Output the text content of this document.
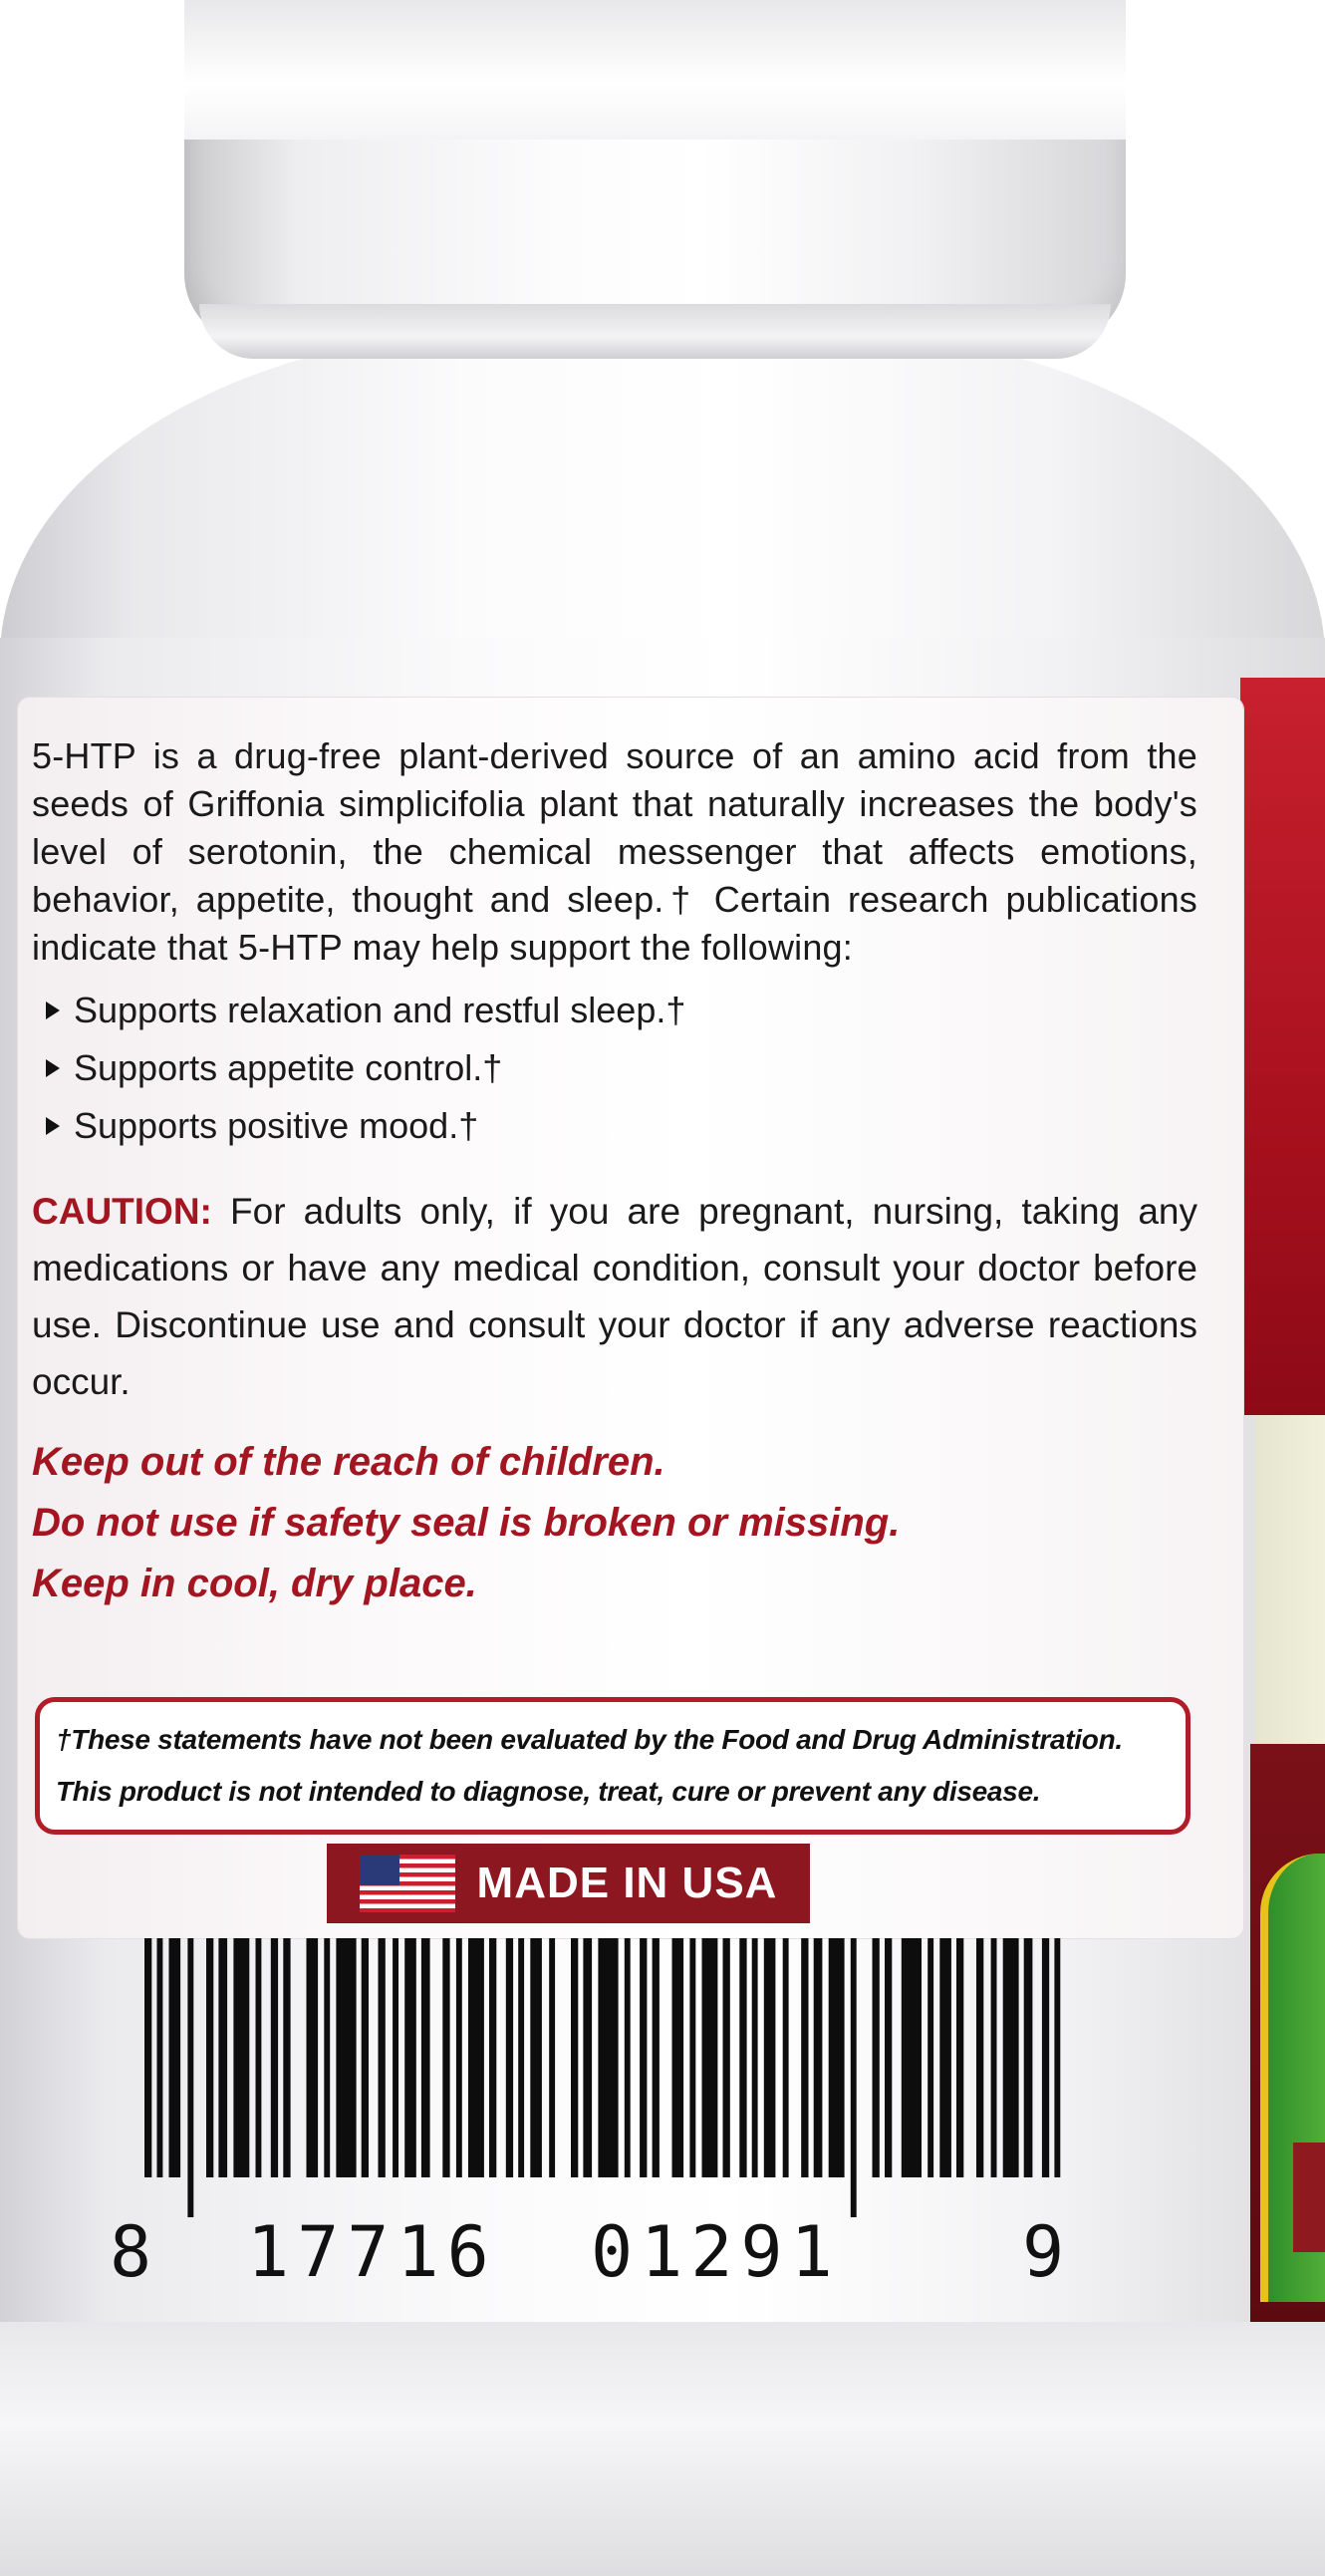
5-HTP is a drug-free plant-derived source of an amino acid from the seeds of Griffonia simplicifolia plant that naturally increases the body's level of serotonin, the chemical messenger that affects emotions, behavior, appetite, thought and sleep.† Certain research publications indicate that 5-HTP may help support the following:

Supports relaxation and restful sleep.†
Supports appetite control.†
Supports positive mood.†

CAUTION: For adults only, if you are pregnant, nursing, taking any medications or have any medical condition, consult your doctor before use. Discontinue use and consult your doctor if any adverse reactions occur.

Keep out of the reach of children.
Do not use if safety seal is broken or missing.
Keep in cool, dry place.
†These statements have not been evaluated by the Food and Drug Administration.
This product is not intended to diagnose, treat, cure or prevent any disease.
MADE IN USA
8 17716 01291	9
